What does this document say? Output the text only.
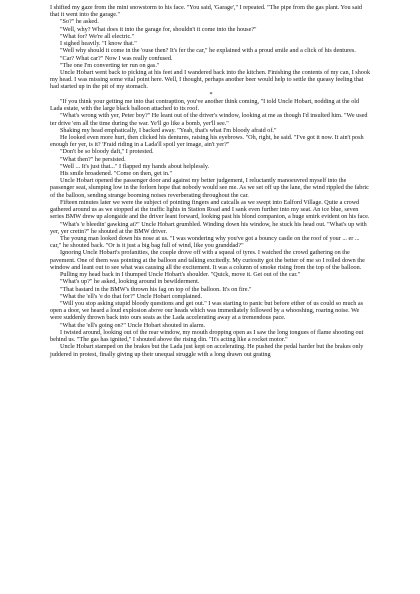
I shifted my gaze from the mini snowstorm to his face. "You said, 'Garage'," I repeated. "The pipe from the gas plant. You said that it went into the garage."

"So?" he asked.

"Well, why? What does it into the garage for, shouldn't it come into the house?"

"What for? We're all electric."

I sighed heavily. "I know that."

"Well why should it come in the 'ouse then? It's fer the car," he explained with a proud smile and a click of his dentures.

"Car? What car?" Now I was really confused.

"The one I'm converting ter run on gas."

Uncle Hobart went back to picking at his feet and I wandered back into the kitchen. Finishing the contents of my can, I shook my head. I was missing some vital point here. Well, I thought, perhaps another beer would help to settle the queasy feeling that had started up in the pit of my stomach.

*

"If you think your getting me into that contraption, you've another think coming, "I told Uncle Hobart, nodding at the old Lada estate, with the large black balloon attached to its roof.

"What's wrong with yer, Peter boy?" He leant out of the driver's window, looking at me as though I'd insulted him. "We used ter drive 'em all the time during the war. Ye'll go like a bomb, yer'll see."

Shaking my head emphatically, I backed away. "Yeah, that's what I'm bloody afraid of."

He looked even more hurt, then clicked his dentures, raising his eyebrows. "Oh, right, he said. "I've got it now. It ain't posh enough fer yer, is it? 'Fraid riding in a Lada'll spoil yer image, ain't yer?"

"Don't be so bloody daft," I protested.

"What then?" he persisted.

"Well ... It's just that..." I flapped my hands about helplessly.

His smile broadened. "Come on then, get in."

Uncle Hobart opened the passenger door and against my better judgement, I reluctantly manoeuvred myself into the passenger seat, slumping low in the forlorn hope that nobody would see me. As we set off up the lane, the wind rippled the fabric of the balloon, sending strange booming noises reverberating throughout the car.

Fifteen minutes later we were the subject of pointing fingers and catcalls as we swept into Ealford Village. Quite a crowd gathered around us as we stopped at the traffic lights in Station Road and I sank even further into my seat. An ice blue, seven series BMW drew up alongside and the driver leant forward, looking past his blond companion, a huge smirk evident on his face.

"What's 'e bleedin' gawking at?" Uncle Hobart grumbled. Winding down his window, he stuck his head out. "What's up with yer, yer cretin?" he shouted at the BMW driver.

The young man looked down his nose at us. "I was wondering why you've got a bouncy castle on the roof of your ... er ... car," he shouted back. "Or is it just a big bag full of wind, like you granddad?"

Ignoring Uncle Hobart's profanities, the couple drove off with a squeal of tyres. I watched the crowd gathering on the pavement. One of them was pointing at the balloon and talking excitedly. My curiosity got the better of me so I rolled down the window and leant out to see what was causing all the excitement. It was a column of smoke rising from the top of the balloon.

Pulling my head back in I thumped Uncle Hobart's shoulder. "Quick, move it. Get out of the car."

"What's up?" he asked, looking around in bewilderment.

"That bastard in the BMW's thrown his fag on top of the balloon. It's on fire."

"What the 'ell's 'e do that for?" Uncle Hobart complained.

"Will you stop asking stupid bloody questions and get out." I was starting to panic but before either of us could so much as open a door, we heard a loud explosion above our heads which was immediately followed by a whooshing, roaring noise. We were suddenly thrown back into ours seats as the Lada accelerating away at a tremendous pace.

"What the 'ell's going on?" Uncle Hobart shouted in alarm.

I twisted around, looking out of the rear window, my mouth dropping open as I saw the long tongues of flame shooting out behind us. "The gas has ignited," I shouted above the rising din. "It's acting like a rocket motor."

Uncle Hobart stamped on the brakes but the Lada just kept on accelerating. He pushed the pedal harder but the brakes only juddered in protest, finally giving up their unequal struggle with a long drawn out grating
